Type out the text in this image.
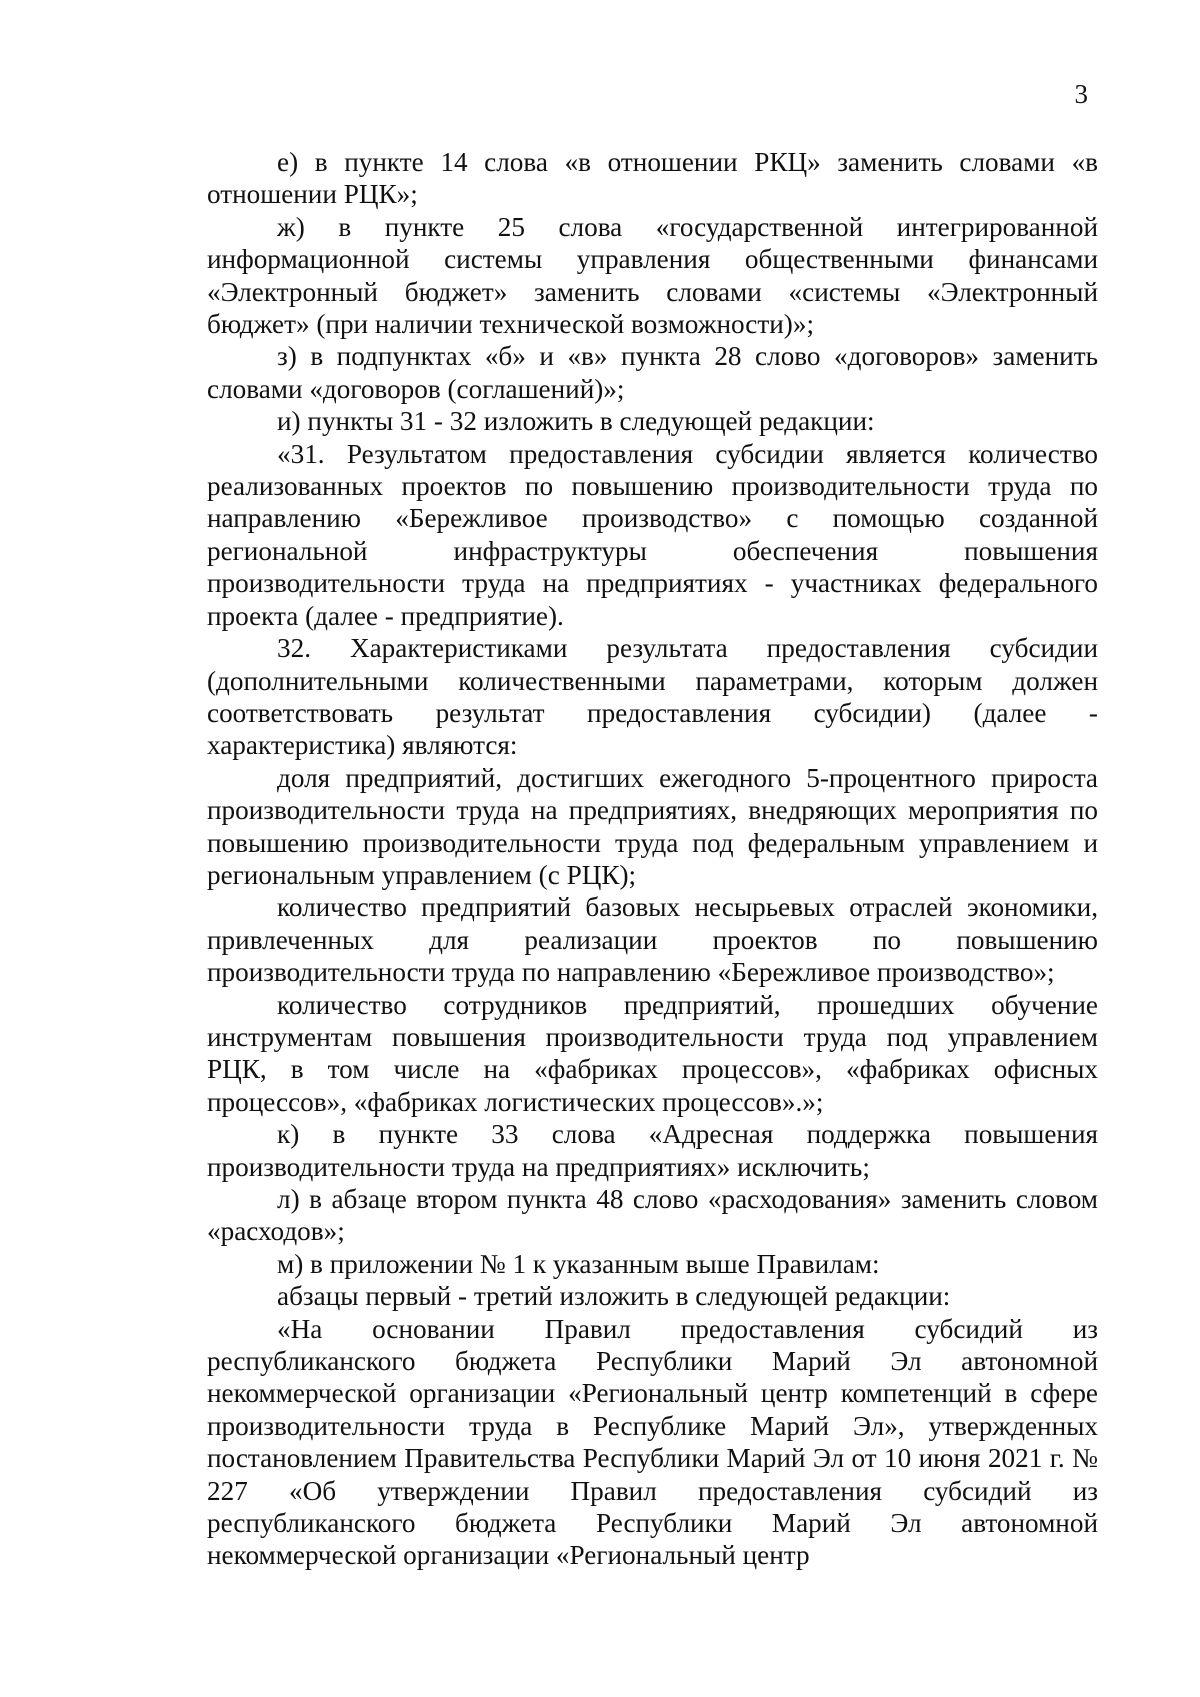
3

е) в пункте 14 слова «в отношении РКЦ» заменить словами «в отношении РЦК»;

ж) в пункте 25 слова «государственной интегрированной информационной системы управления общественными финансами «Электронный бюджет» заменить словами «системы «Электронный бюджет» (при наличии технической возможности)»;

з) в подпунктах «б» и «в» пункта 28 слово «договоров» заменить словами «договоров (соглашений)»;

и) пункты 31 - 32 изложить в следующей редакции:

«31. Результатом предоставления субсидии является количество реализованных проектов по повышению производительности труда по направлению «Бережливое производство» с помощью созданной региональной инфраструктуры обеспечения повышения производительности труда на предприятиях - участниках федерального проекта (далее - предприятие).

32. Характеристиками результата предоставления субсидии (дополнительными количественными параметрами, которым должен соответствовать результат предоставления субсидии) (далее - характеристика) являются:

доля предприятий, достигших ежегодного 5-процентного прироста производительности труда на предприятиях, внедряющих мероприятия по повышению производительности труда под федеральным управлением и региональным управлением (с РЦК);

количество предприятий базовых несырьевых отраслей экономики, привлеченных для реализации проектов по повышению производительности труда по направлению «Бережливое производство»;

количество сотрудников предприятий, прошедших обучение инструментам повышения производительности труда под управлением РЦК, в том числе на «фабриках процессов», «фабриках офисных процессов», «фабриках логистических процессов».»;

к) в пункте 33 слова «Адресная поддержка повышения производительности труда на предприятиях» исключить;

л) в абзаце втором пункта 48 слово «расходования» заменить словом «расходов»;

м) в приложении № 1 к указанным выше Правилам:

абзацы первый - третий изложить в следующей редакции:

«На основании Правил предоставления субсидий из республиканского бюджета Республики Марий Эл автономной некоммерческой организации «Региональный центр компетенций в сфере производительности труда в Республике Марий Эл», утвержденных постановлением Правительства Республики Марий Эл от 10 июня 2021 г. № 227 «Об утверждении Правил предоставления субсидий из республиканского бюджета Республики Марий Эл автономной некоммерческой организации «Региональный центр
